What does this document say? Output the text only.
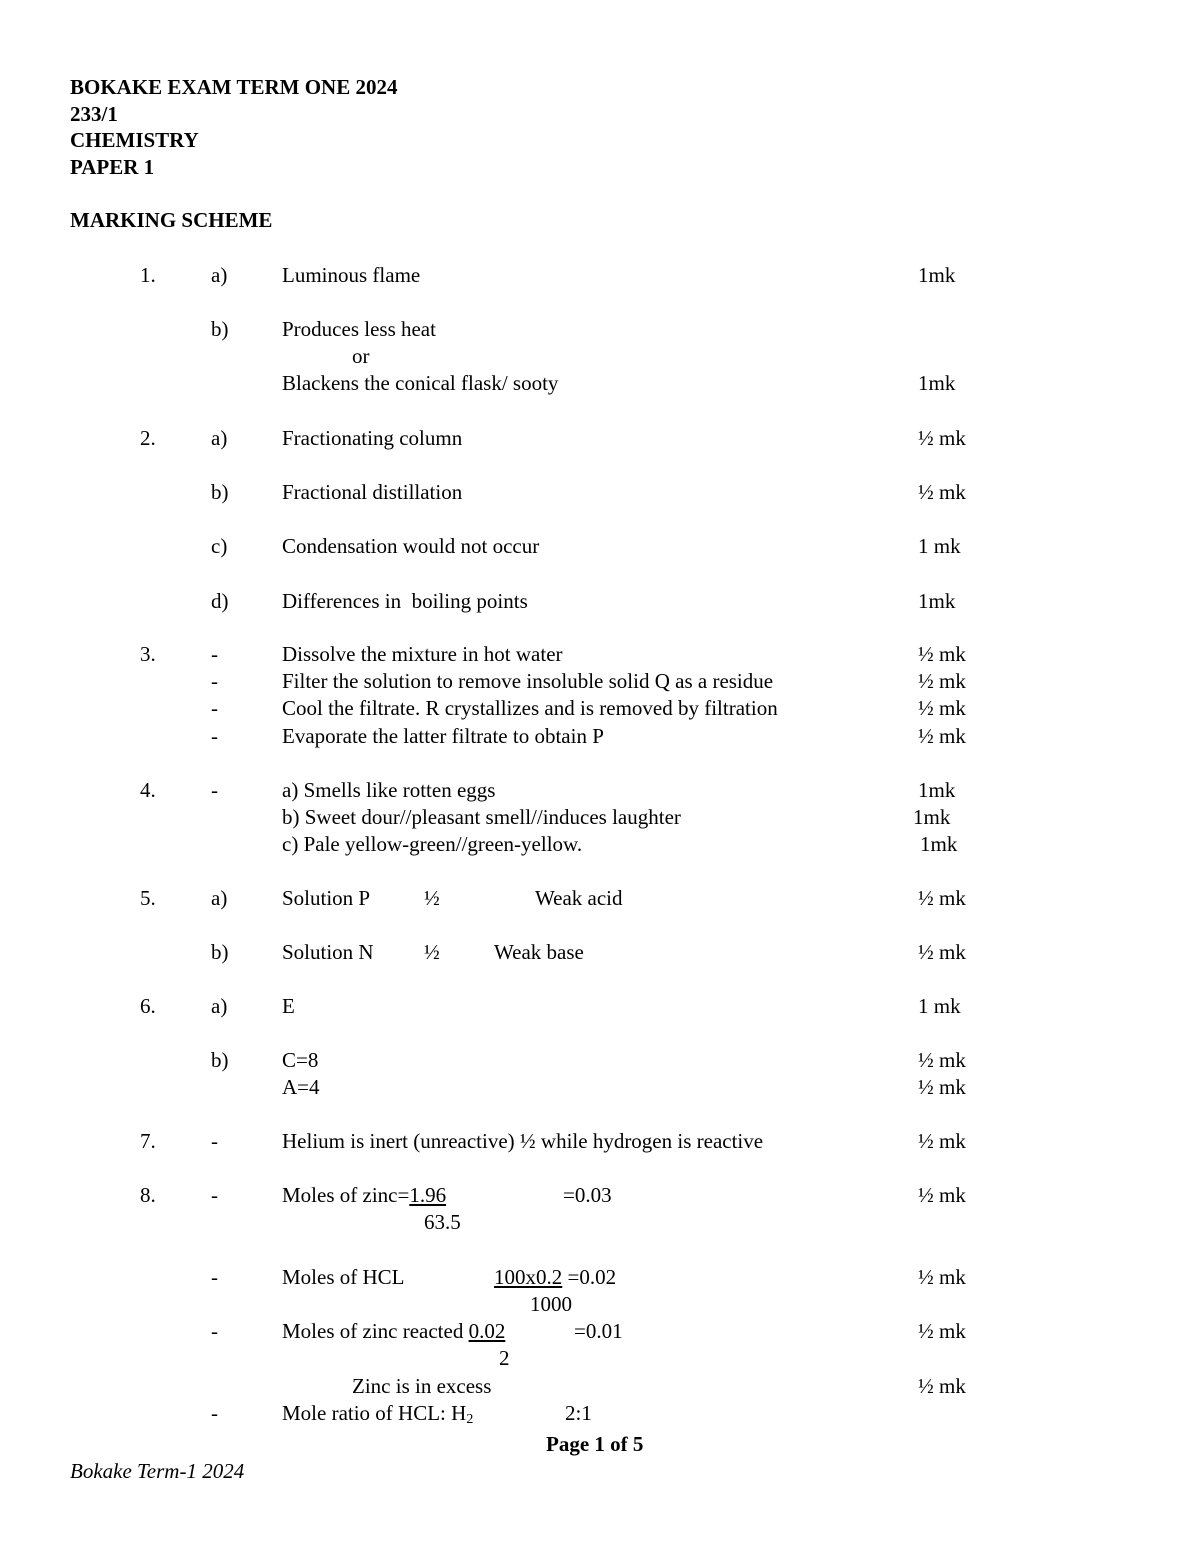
BOKAKE EXAM TERM ONE 2024
233/1
CHEMISTRY
PAPER 1
MARKING SCHEME
1.	a)	Luminous flame	1mk
b)	Produces less heat
or
Blackens the conical flask/ sooty	1mk
2.	a)	Fractionating column	½ mk
b)	Fractional distillation	½ mk
c)	Condensation would not occur	1 mk
d)	Differences in  boiling points	1mk
3.	-	Dissolve the mixture in hot water	½ mk
-	Filter the solution to remove insoluble solid Q as a residue	½ mk
-	Cool the filtrate. R crystallizes and is removed by filtration	½ mk
-	Evaporate the latter filtrate to obtain P	½ mk
4.	-	a) Smells like rotten eggs	1mk
b) Sweet dour//pleasant smell//induces laughter	1mk
c) Pale yellow-green//green-yellow.	1mk
5.	a)	Solution P	½	Weak acid	½ mk
b)	Solution N ½	Weak base	½ mk
6.	a)	E	1 mk
b)	C=8	½ mk
A=4	½ mk
7.	-	Helium is inert (unreactive) ½ while hydrogen is reactive	½ mk
8.	-	Moles of zinc=1.96	=0.03	½ mk
63.5
-	Moles of HCL	100x0.2 =0.02	½ mk
1000
-	Moles of zinc reacted 0.02	=0.01	½ mk
2
Zinc is in excess	½ mk
-	Mole ratio of HCL: $H_2$	2:1
Page 1 of 5
Bokake Term-1 2024
